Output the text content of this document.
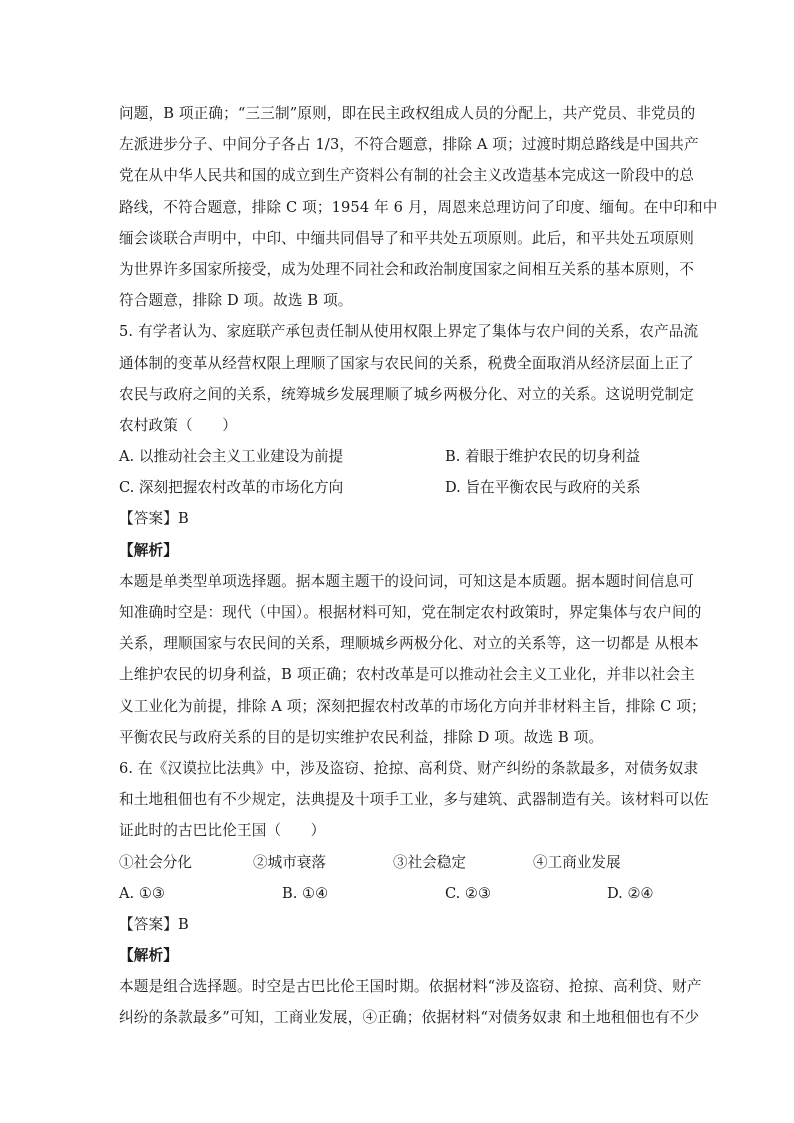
问题，B 项正确；“三三制”原则，即在民主政权组成人员的分配上，共产党员、非党员的
左派进步分子、中间分子各占 1/3，不符合题意，排除 A 项；过渡时期总路线是中国共产
党在从中华人民共和国的成立到生产资料公有制的社会主义改造基本完成这一阶段中的总
路线，不符合题意，排除 C 项；1954 年 6 月，周恩来总理访问了印度、缅甸。在中印和中
缅会谈联合声明中，中印、中缅共同倡导了和平共处五项原则。此后，和平共处五项原则
为世界许多国家所接受，成为处理不同社会和政治制度国家之间相互关系的基本原则，不
符合题意，排除 D 项。故选 B 项。
5. 有学者认为、家庭联产承包责任制从使用权限上界定了集体与农户间的关系，农产品流
通体制的变革从经营权限上理顺了国家与农民间的关系，税费全面取消从经济层面上正了
农民与政府之间的关系，统筹城乡发展理顺了城乡两极分化、对立的关系。这说明党制定
农村政策（　　）
A. 以推动社会主义工业建设为前提	B. 着眼于维护农民的切身利益
C. 深刻把握农村改革的市场化方向	D. 旨在平衡农民与政府的关系
【答案】B
【解析】
本题是单类型单项选择题。据本题主题干的设问词，可知这是本质题。据本题时间信息可
知准确时空是：现代（中国）。根据材料可知，党在制定农村政策时，界定集体与农户间的
关系，理顺国家与农民间的关系，理顺城乡两极分化、对立的关系等，这一切都是 从根本
上维护农民的切身利益，B 项正确；农村改革是可以推动社会主义工业化，并非以社会主
义工业化为前提，排除 A 项；深刻把握农村改革的市场化方向并非材料主旨，排除 C 项；
平衡农民与政府关系的目的是切实维护农民利益，排除 D 项。故选 B 项。
6. 在《汉谟拉比法典》中，涉及盗窃、抢掠、高利贷、财产纠纷的条款最多，对债务奴隶
和土地租佃也有不少规定，法典提及十项手工业，多与建筑、武器制造有关。该材料可以佐
证此时的古巴比伦王国（　　）
①社会分化	②城市衰落	③社会稳定	④工商业发展
A. ①③	B. ①④	C. ②③	D. ②④
【答案】B
【解析】
本题是组合选择题。时空是古巴比伦王国时期。依据材料“涉及盗窃、抢掠、高利贷、财产
纠纷的条款最多”可知，工商业发展，④正确；依据材料“对债务奴隶 和土地租佃也有不少
